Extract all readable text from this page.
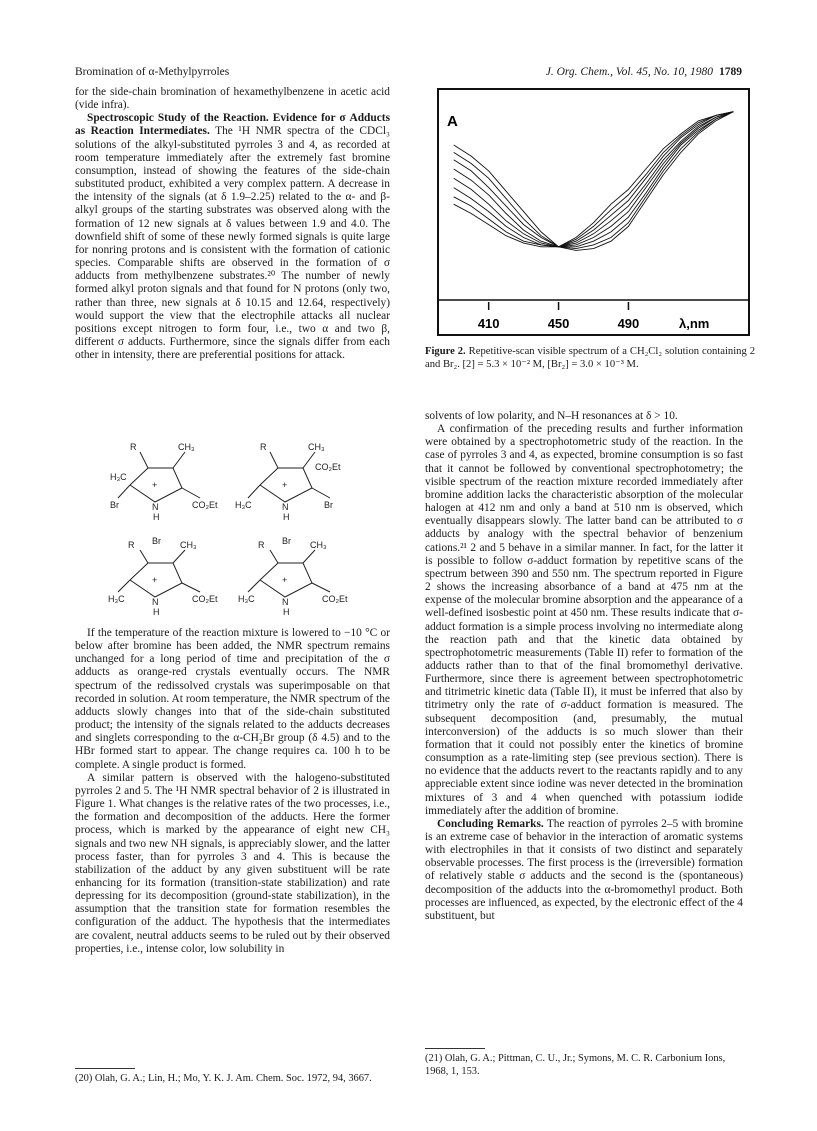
Bromination of α-Methylpyrroles	J. Org. Chem., Vol. 45, No. 10, 1980 1789

for the side-chain bromination of hexamethylbenzene in acetic acid (vide infra).

Spectroscopic Study of the Reaction. Evidence for σ Adducts as Reaction Intermediates. The ¹H NMR spectra of the CDCl₃ solutions of the alkyl-substituted pyrroles 3 and 4, as recorded at room temperature immediately after the extremely fast bromine consumption, instead of showing the features of the side-chain substituted product, exhibited a very complex pattern. A decrease in the intensity of the signals (at δ 1.9–2.25) related to the α- and β-alkyl groups of the starting substrates was observed along with the formation of 12 new signals at δ values between 1.9 and 4.0. The downfield shift of some of these newly formed signals is quite large for nonring protons and is consistent with the formation of cationic species. Comparable shifts are observed in the formation of σ adducts from methylbenzene substrates.²⁰ The number of newly formed alkyl proton signals and that found for N protons (only two, rather than three, new signals at δ 10.15 and 12.64, respectively) would support the view that the electrophile attacks all nuclear positions except nitrogen to form four, i.e., two α and two β, different σ adducts. Furthermore, since the signals differ from each other in intensity, there are preferential positions for attack.

R	CH₃
H₃C
+
Br	N
H
CO₂Et
R	CH₃
CO₂Et
+
H₃C	N
H
Br
R Br CH₃
+
H₃C	N
H
CO₂Et
R Br CH₃
+
H₃C	N
H
CO₂Et

If the temperature of the reaction mixture is lowered to −10 °C or below after bromine has been added, the NMR spectrum remains unchanged for a long period of time and precipitation of the σ adducts as orange-red crystals eventually occurs. The NMR spectrum of the redissolved crystals was superimposable on that recorded in solution. At room temperature, the NMR spectrum of the adducts slowly changes into that of the side-chain substituted product; the intensity of the signals related to the adducts decreases and singlets corresponding to the α-CH₂Br group (δ 4.5) and to the HBr formed start to appear. The change requires ca. 100 h to be complete. A single product is formed.

A similar pattern is observed with the halogeno-substituted pyrroles 2 and 5. The ¹H NMR spectral behavior of 2 is illustrated in Figure 1. What changes is the relative rates of the two processes, i.e., the formation and decomposition of the adducts. Here the former process, which is marked by the appearance of eight new CH₃ signals and two new NH signals, is appreciably slower, and the latter process faster, than for pyrroles 3 and 4. This is because the stabilization of the adduct by any given substituent will be rate enhancing for its formation (transition-state stabilization) and rate depressing for its decomposition (ground-state stabilization), in the assumption that the transition state for formation resembles the configuration of the adduct. The hypothesis that the intermediates are covalent, neutral adducts seems to be ruled out by their observed properties, i.e., intense color, low solubility in

(20) Olah, G. A.; Lin, H.; Mo, Y. K. J. Am. Chem. Soc. 1972, 94, 3667.
A
410	450	490	λ,nm
Figure 2. Repetitive-scan visible spectrum of a CH₂Cl₂ solution containing 2 and Br₂. [2] = 5.3 × 10⁻² M, [Br₂] = 3.0 × 10⁻³ M.

solvents of low polarity, and N–H resonances at δ > 10.

A confirmation of the preceding results and further information were obtained by a spectrophotometric study of the reaction. In the case of pyrroles 3 and 4, as expected, bromine consumption is so fast that it cannot be followed by conventional spectrophotometry; the visible spectrum of the reaction mixture recorded immediately after bromine addition lacks the characteristic absorption of the molecular halogen at 412 nm and only a band at 510 nm is observed, which eventually disappears slowly. The latter band can be attributed to σ adducts by analogy with the spectral behavior of benzenium cations.²¹ 2 and 5 behave in a similar manner. In fact, for the latter it is possible to follow σ-adduct formation by repetitive scans of the spectrum between 390 and 550 nm. The spectrum reported in Figure 2 shows the increasing absorbance of a band at 475 nm at the expense of the molecular bromine absorption and the appearance of a well-defined isosbestic point at 450 nm. These results indicate that σ-adduct formation is a simple process involving no intermediate along the reaction path and that the kinetic data obtained by spectrophotometric measurements (Table II) refer to formation of the adducts rather than to that of the final bromomethyl derivative. Furthermore, since there is agreement between spectrophotometric and titrimetric kinetic data (Table II), it must be inferred that also by titrimetry only the rate of σ-adduct formation is measured. The subsequent decomposition (and, presumably, the mutual interconversion) of the adducts is so much slower than their formation that it could not possibly enter the kinetics of bromine consumption as a rate-limiting step (see previous section). There is no evidence that the adducts revert to the reactants rapidly and to any appreciable extent since iodine was never detected in the bromination mixtures of 3 and 4 when quenched with potassium iodide immediately after the addition of bromine.

Concluding Remarks. The reaction of pyrroles 2–5 with bromine is an extreme case of behavior in the interaction of aromatic systems with electrophiles in that it consists of two distinct and separately observable processes. The first process is the (irreversible) formation of relatively stable σ adducts and the second is the (spontaneous) decomposition of the adducts into the α-bromomethyl product. Both processes are influenced, as expected, by the electronic effect of the 4 substituent, but

(21) Olah, G. A.; Pittman, C. U., Jr.; Symons, M. C. R. Carbonium Ions, 1968, 1, 153.
